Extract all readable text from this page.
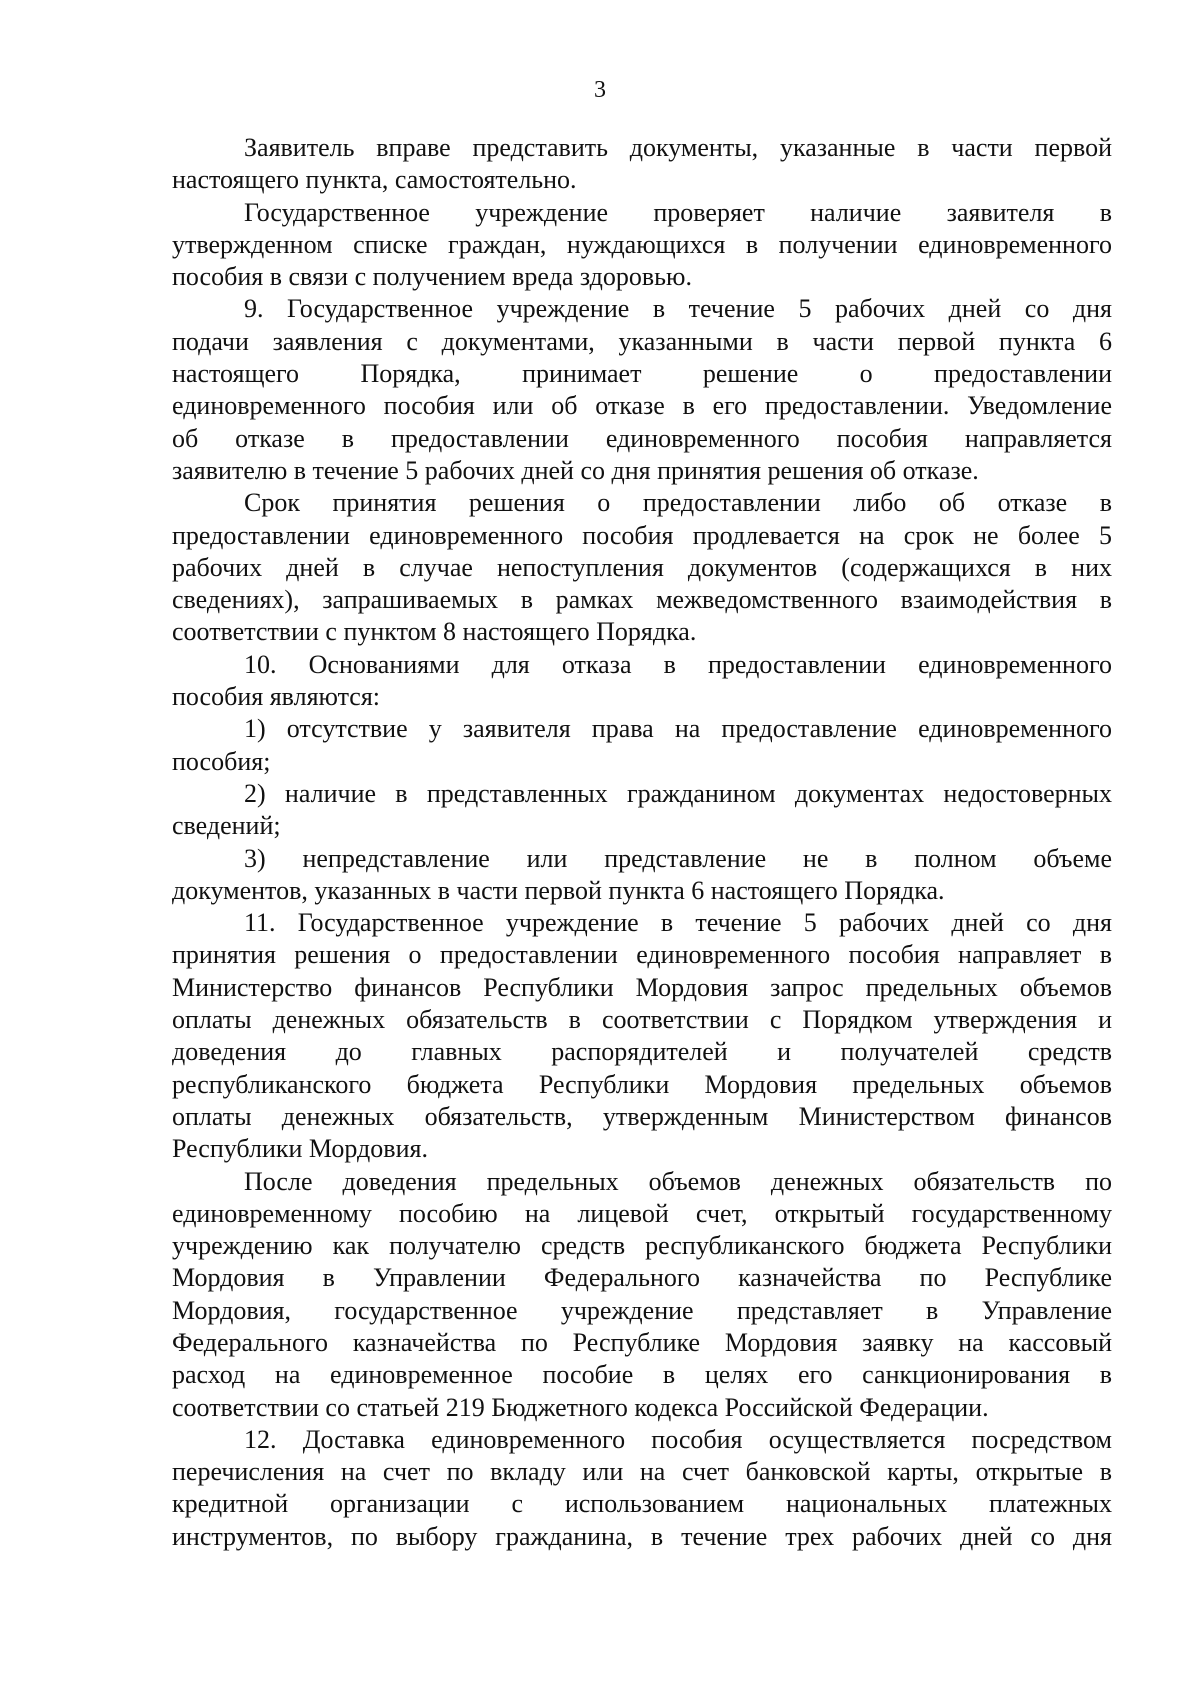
3
Заявитель вправе представить документы, указанные в части первой
настоящего пункта, самостоятельно.
Государственное учреждение проверяет наличие заявителя в
утвержденном списке граждан, нуждающихся в получении единовременного
пособия в связи с получением вреда здоровью.
9. Государственное учреждение в течение 5 рабочих дней со дня
подачи заявления с документами, указанными в части первой пункта 6
настоящего Порядка, принимает решение о предоставлении
единовременного пособия или об отказе в его предоставлении. Уведомление
об отказе в предоставлении единовременного пособия направляется
заявителю в течение 5 рабочих дней со дня принятия решения об отказе.
Срок принятия решения о предоставлении либо об отказе в
предоставлении единовременного пособия продлевается на срок не более 5
рабочих дней в случае непоступления документов (содержащихся в них
сведениях), запрашиваемых в рамках межведомственного взаимодействия в
соответствии с пунктом 8 настоящего Порядка.
10. Основаниями для отказа в предоставлении единовременного
пособия являются:
1) отсутствие у заявителя права на предоставление единовременного
пособия;
2) наличие в представленных гражданином документах недостоверных
сведений;
3) непредставление или представление не в полном объеме
документов, указанных в части первой пункта 6 настоящего Порядка.
11. Государственное учреждение в течение 5 рабочих дней со дня
принятия решения о предоставлении единовременного пособия направляет в
Министерство финансов Республики Мордовия запрос предельных объемов
оплаты денежных обязательств в соответствии с Порядком утверждения и
доведения до главных распорядителей и получателей средств
республиканского бюджета Республики Мордовия предельных объемов
оплаты денежных обязательств, утвержденным Министерством финансов
Республики Мордовия.
После доведения предельных объемов денежных обязательств по
единовременному пособию на лицевой счет, открытый государственному
учреждению как получателю средств республиканского бюджета Республики
Мордовия в Управлении Федерального казначейства по Республике
Мордовия, государственное учреждение представляет в Управление
Федерального казначейства по Республике Мордовия заявку на кассовый
расход на единовременное пособие в целях его санкционирования в
соответствии со статьей 219 Бюджетного кодекса Российской Федерации.
12. Доставка единовременного пособия осуществляется посредством
перечисления на счет по вкладу или на счет банковской карты, открытые в
кредитной организации с использованием национальных платежных
инструментов, по выбору гражданина, в течение трех рабочих дней со дня
